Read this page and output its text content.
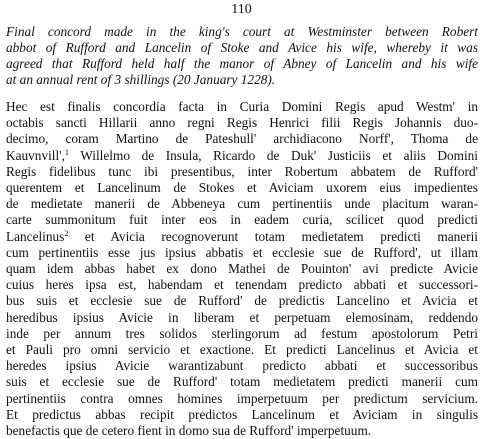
110

Final concord made in the king's court at Westminster between Robert
abbot of Rufford and Lancelin of Stoke and Avice his wife, whereby it was
agreed that Rufford held half the manor of Abney of Lancelin and his wife
at an annual rent of 3 shillings (20 January 1228).

Hec est finalis concordia facta in Curia Domini Regis apud Westm' in
octabis sancti Hillarii anno regni Regis Henrici filii Regis Johannis duo-
decimo, coram Martino de Pateshull' archidiacono Norff', Thoma de
Kauvnvill',$^1$ Willelmo de Insula, Ricardo de Duk' Justiciis et aliis Domini
Regis fidelibus tunc ibi presentibus, inter Robertum abbatem de Rufford'
querentem et Lancelinum de Stokes et Aviciam uxorem eius impedientes
de medietate manerii de Abbeneya cum pertinentiis unde placitum waran-
carte summonitum fuit inter eos in eadem curia, scilicet quod predicti
Lancelinus$^2$ et Avicia recognoverunt totam medietatem predicti manerii
cum pertinentiis esse jus ipsius abbatis et ecclesie sue de Rufford', ut illam
quam idem abbas habet ex dono Mathei de Pouinton' avi predicte Avicie
cuius heres ipsa est, habendam et tenendam predicto abbati et successori-
bus suis et ecclesie sue de Rufford' de predictis Lancelino et Avicia et
heredibus ipsius Avicie in liberam et perpetuam elemosinam, reddendo
inde per annum tres solidos sterlingorum ad festum apostolorum Petri
et Pauli pro omni servicio et exactione. Et predicti Lancelinus et Avicia et
heredes ipsius Avicie warantizabunt predicto abbati et successoribus
suis et ecclesie sue de Rufford' totam medietatem predicti manerii cum
pertinentiis contra omnes homines imperpetuum per predictum servicium.
Et predictus abbas recipit predictos Lancelinum et Aviciam in singulis
benefactis que de cetero fient in domo sua de Rufford' imperpetuum.
